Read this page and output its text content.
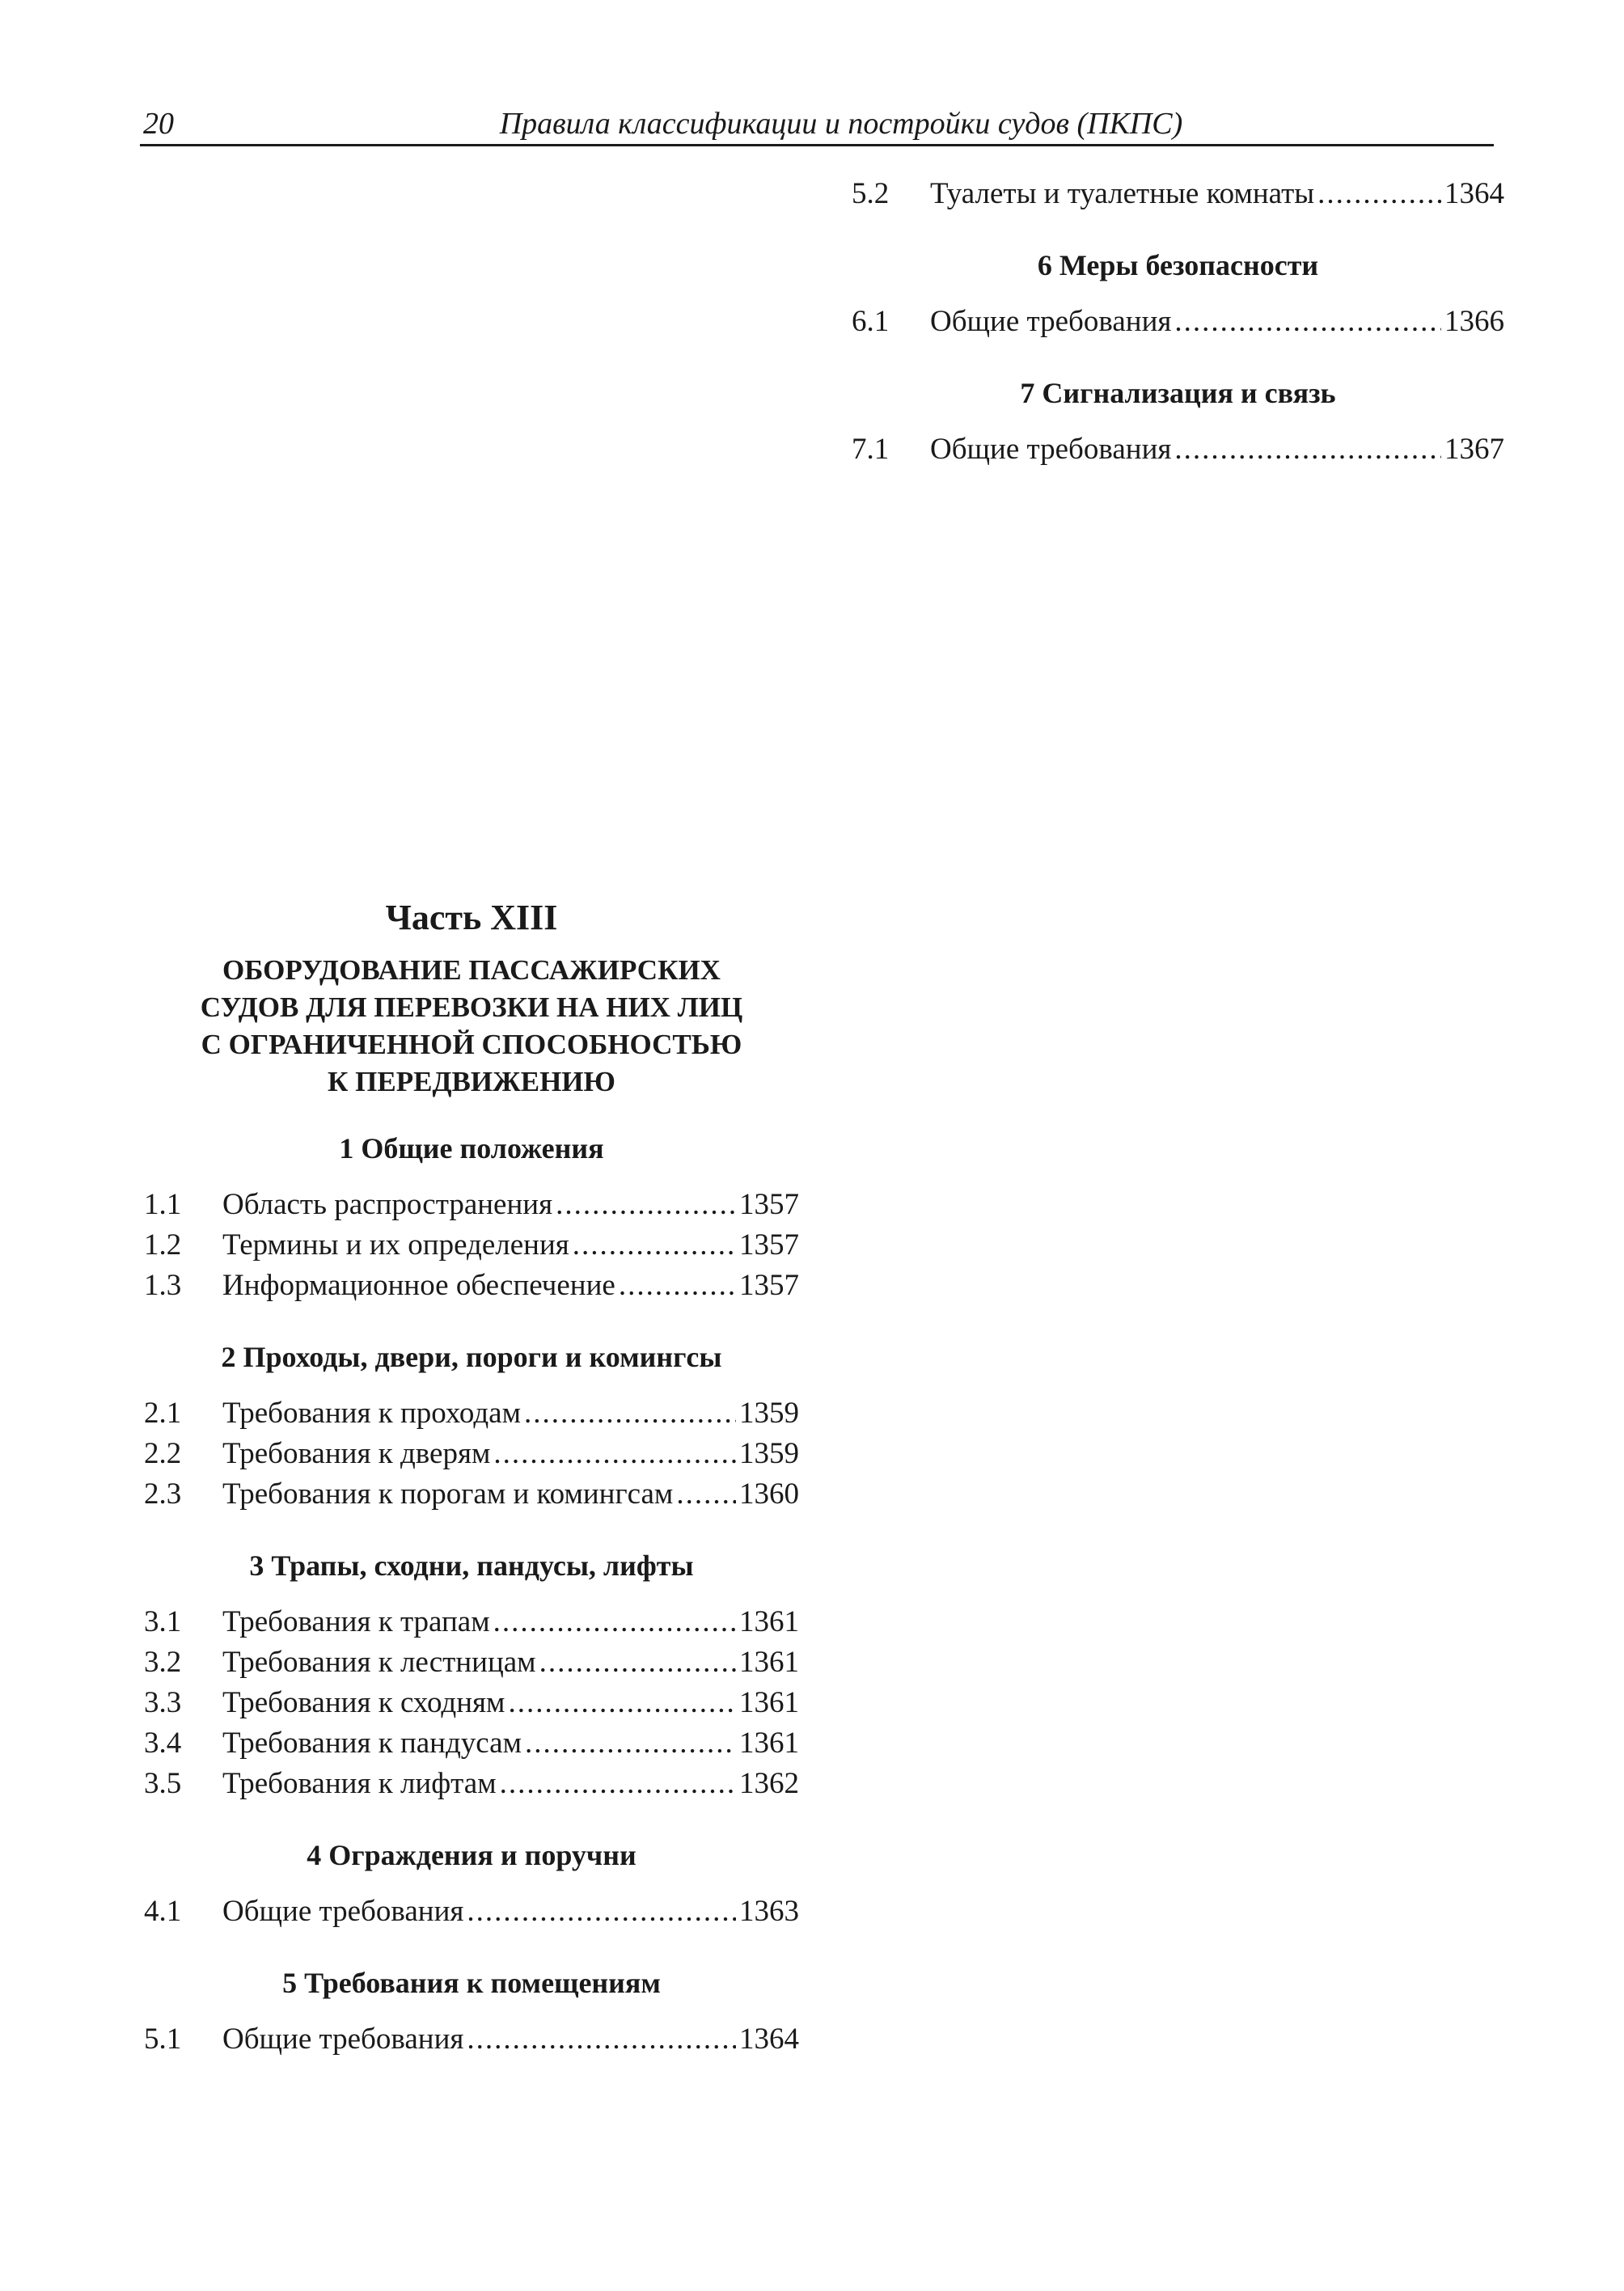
20	Правила классификации и постройки судов (ПКПС)
5.2	Туалеты и туалетные комнаты .....	1364
6 Меры безопасности
6.1	Общие требования .....	1366
7 Сигнализация и связь
7.1	Общие требования .....	1367
Часть XIII
ОБОРУДОВАНИЕ ПАССАЖИРСКИХ
СУДОВ ДЛЯ ПЕРЕВОЗКИ НА НИХ ЛИЦ
С ОГРАНИЧЕННОЙ СПОСОБНОСТЬЮ
К ПЕРЕДВИЖЕНИЮ
1 Общие положения
1.1	Область распространения .....	1357
1.2	Термины и их определения .....	1357
1.3	Информационное обеспечение .....	1357
2 Проходы, двери, пороги и комингсы
2.1	Требования к проходам .....	1359
2.2	Требования к дверям .....	1359
2.3	Требования к порогам и комингсам ..... 1360
3 Трапы, сходни, пандусы, лифты
3.1	Требования к трапам .....	1361
3.2	Требования к лестницам .....	1361
3.3	Требования к сходням .....	1361
3.4	Требования к пандусам .....	1361
3.5	Требования к лифтам .....	1362
4 Ограждения и поручни
4.1	Общие требования .....	1363
5 Требования к помещениям
5.1	Общие требования .....	1364
